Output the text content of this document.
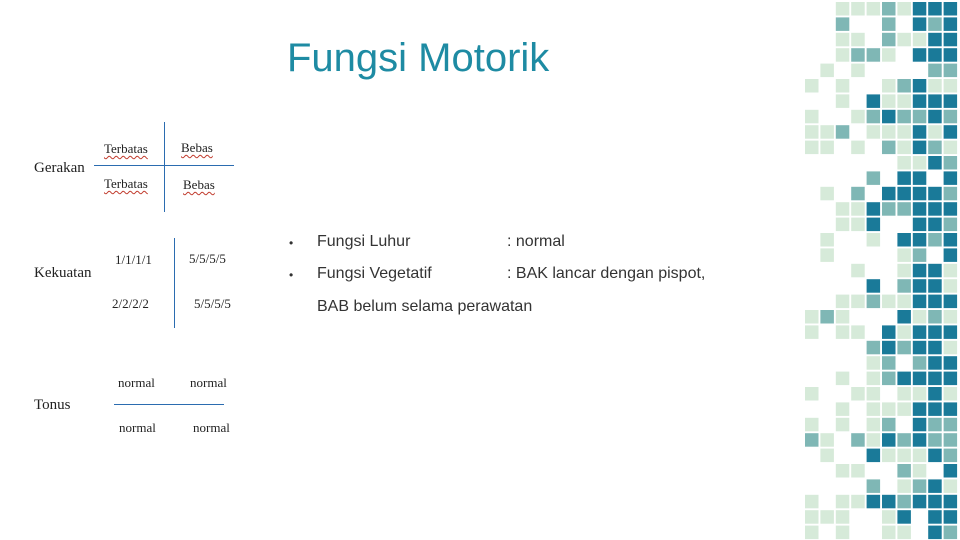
Fungsi Motorik
Gerakan
Terbatas	Bebas
Terbatas	Bebas
Kekuatan
1/1/1/1	5/5/5/5
2/2/2/2	5/5/5/5
Tonus
normal	normal
normal	normal
• Fungsi Luhur	: normal
• Fungsi Vegetatif	: BAK lancar dengan pispot,
BAB belum selama perawatan
